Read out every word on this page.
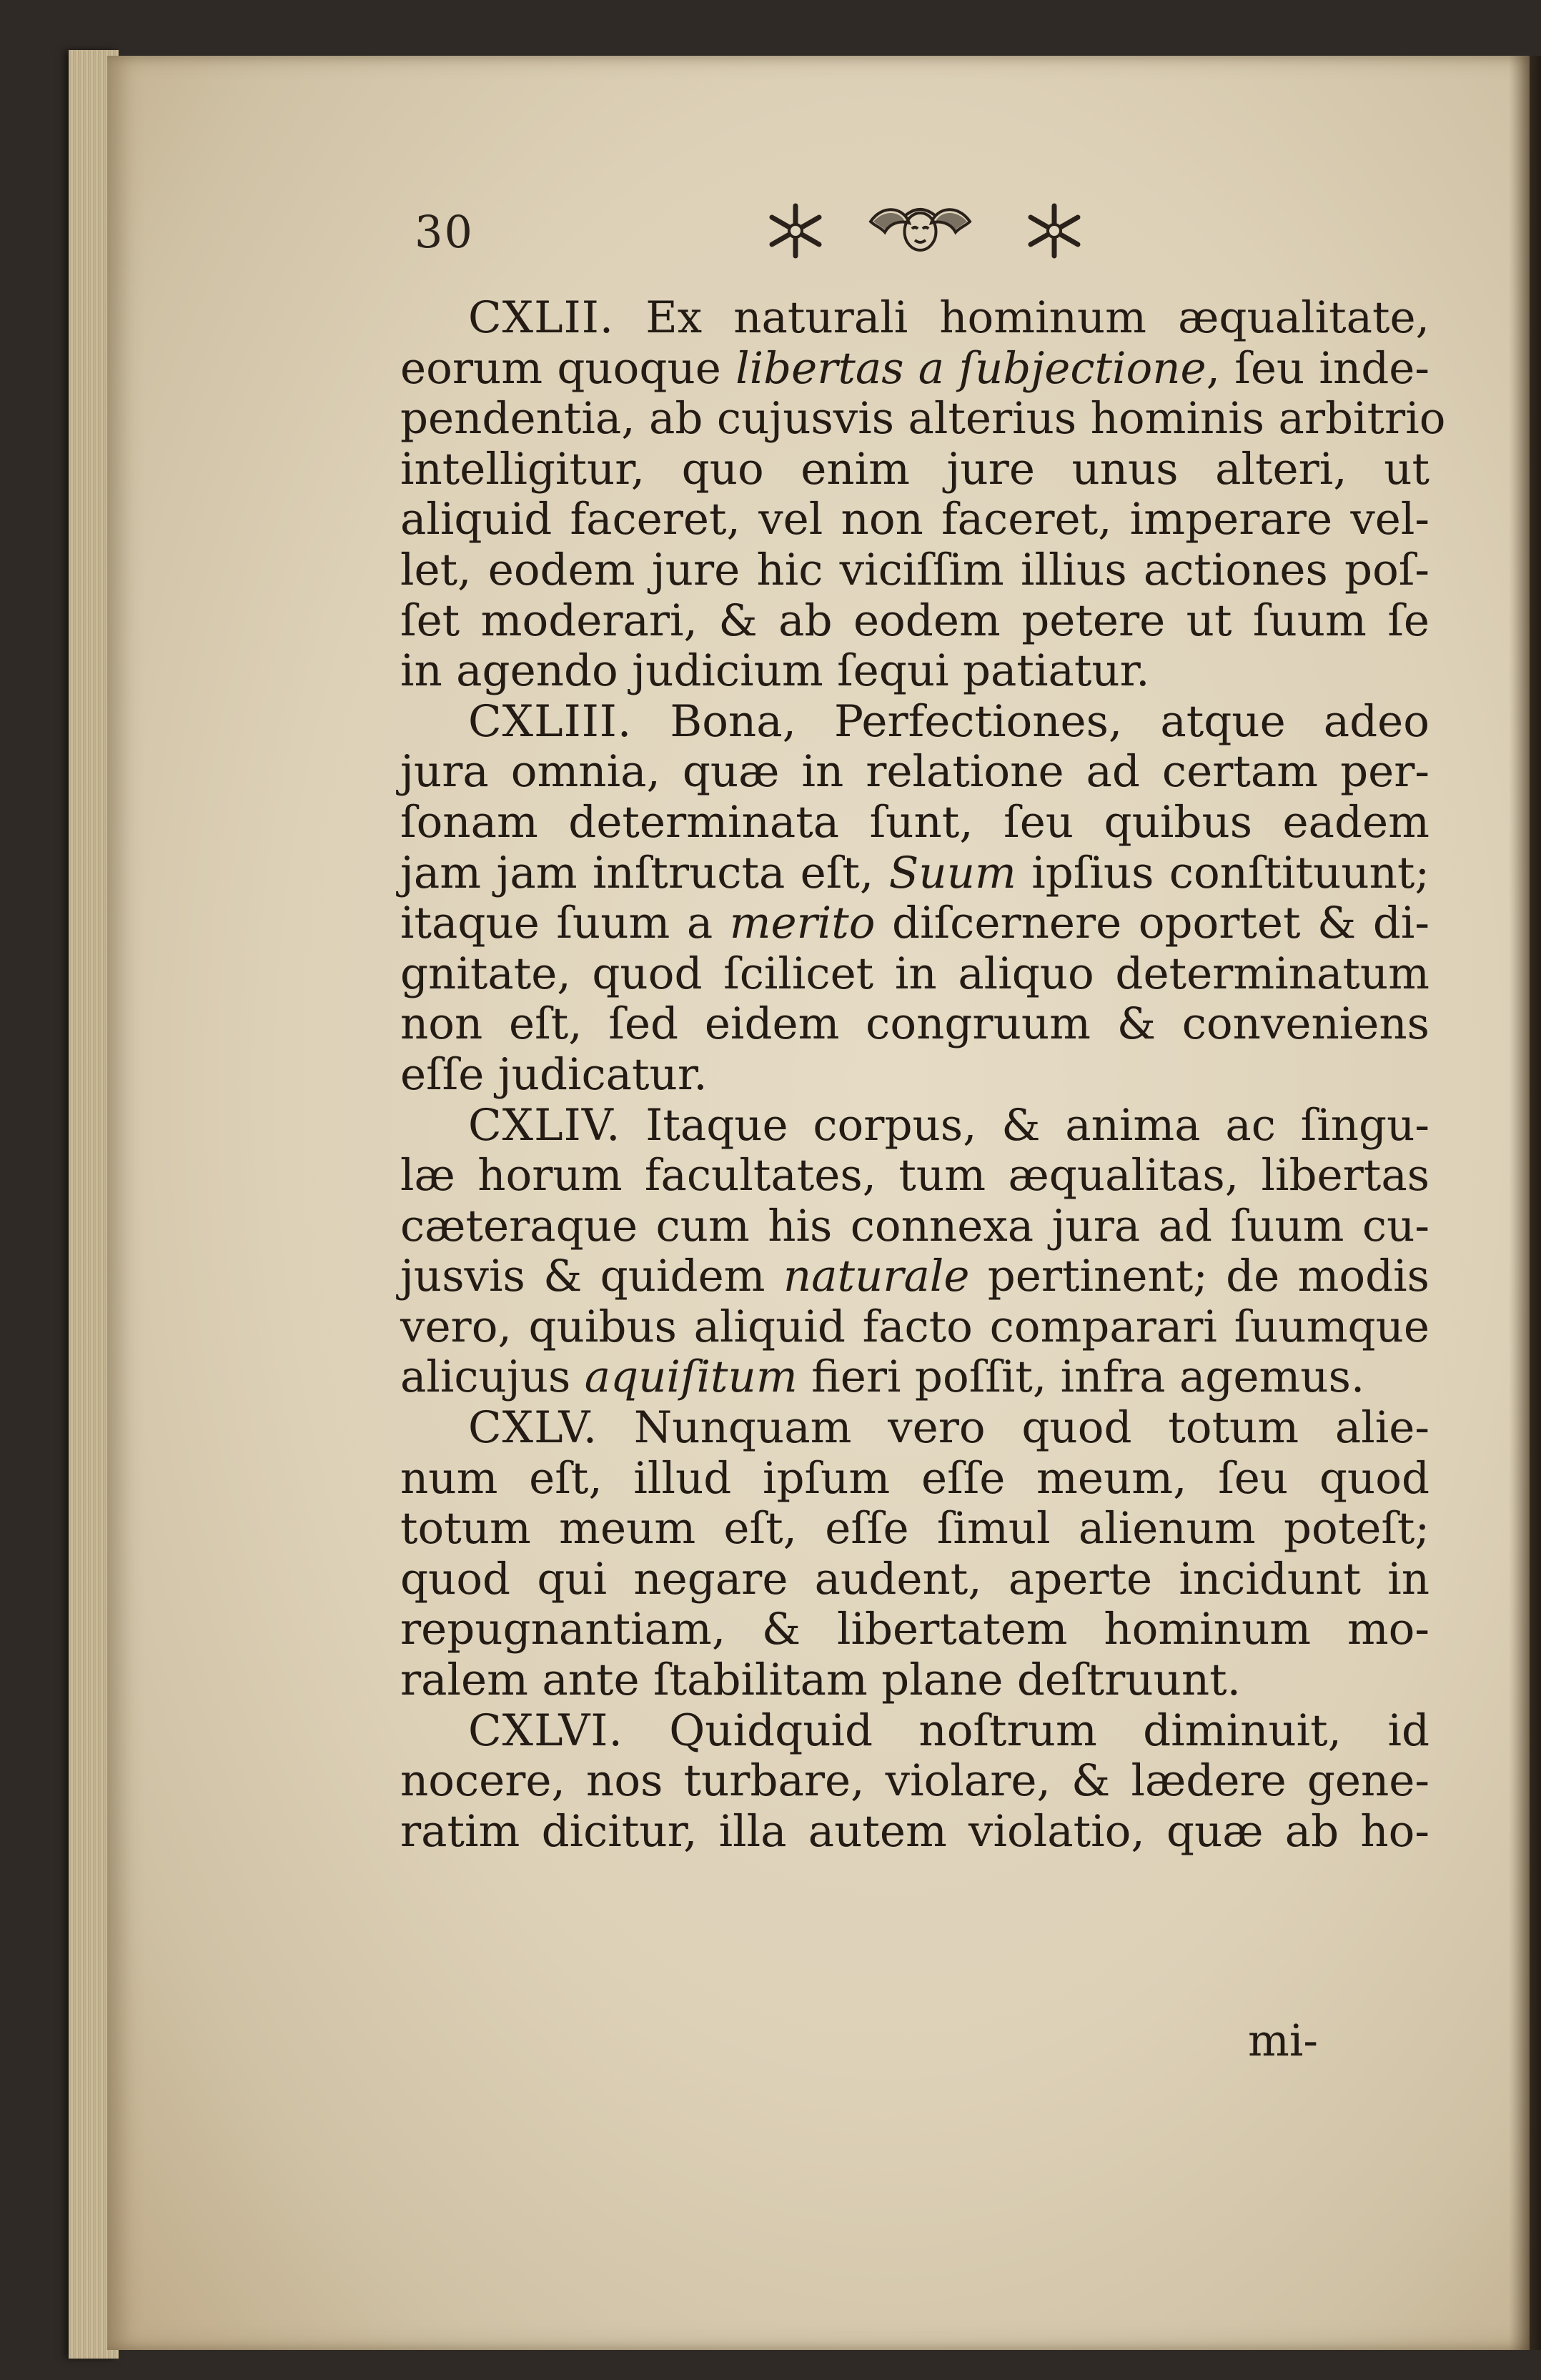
30
CXLII. Ex naturali hominum æqualitate,
eorum quoque libertas a ſubjectione, ſeu inde-
pendentia, ab cujusvis alterius hominis arbitrio
intelligitur, quo enim jure unus alteri, ut
aliquid faceret, vel non faceret, imperare vel-
let, eodem jure hic viciſſim illius actiones poſ-
ſet moderari, & ab eodem petere ut ſuum ſe
in agendo judicium ſequi patiatur.
CXLIII. Bona, Perfectiones, atque adeo
jura omnia, quæ in relatione ad certam per-
ſonam determinata ſunt, ſeu quibus eadem
jam jam inſtructa eſt, Suum ipſius conſtituunt;
itaque ſuum a merito diſcernere oportet & di-
gnitate, quod ſcilicet in aliquo determinatum
non eſt, ſed eidem congruum & conveniens
eſſe judicatur.
CXLIV. Itaque corpus, & anima ac ſingu-
læ horum facultates, tum æqualitas, libertas
cæteraque cum his connexa jura ad ſuum cu-
jusvis & quidem naturale pertinent; de modis
vero, quibus aliquid facto comparari ſuumque
alicujus aquiſitum fieri poſſit, infra agemus.
CXLV. Nunquam vero quod totum alie-
num eſt, illud ipſum eſſe meum, ſeu quod
totum meum eſt, eſſe ſimul alienum poteſt;
quod qui negare audent, aperte incidunt in
repugnantiam, & libertatem hominum mo-
ralem ante ſtabilitam plane deſtruunt.
CXLVI. Quidquid noſtrum diminuit, id
nocere, nos turbare, violare, & lædere gene-
ratim dicitur, illa autem violatio, quæ ab ho-
mi-
